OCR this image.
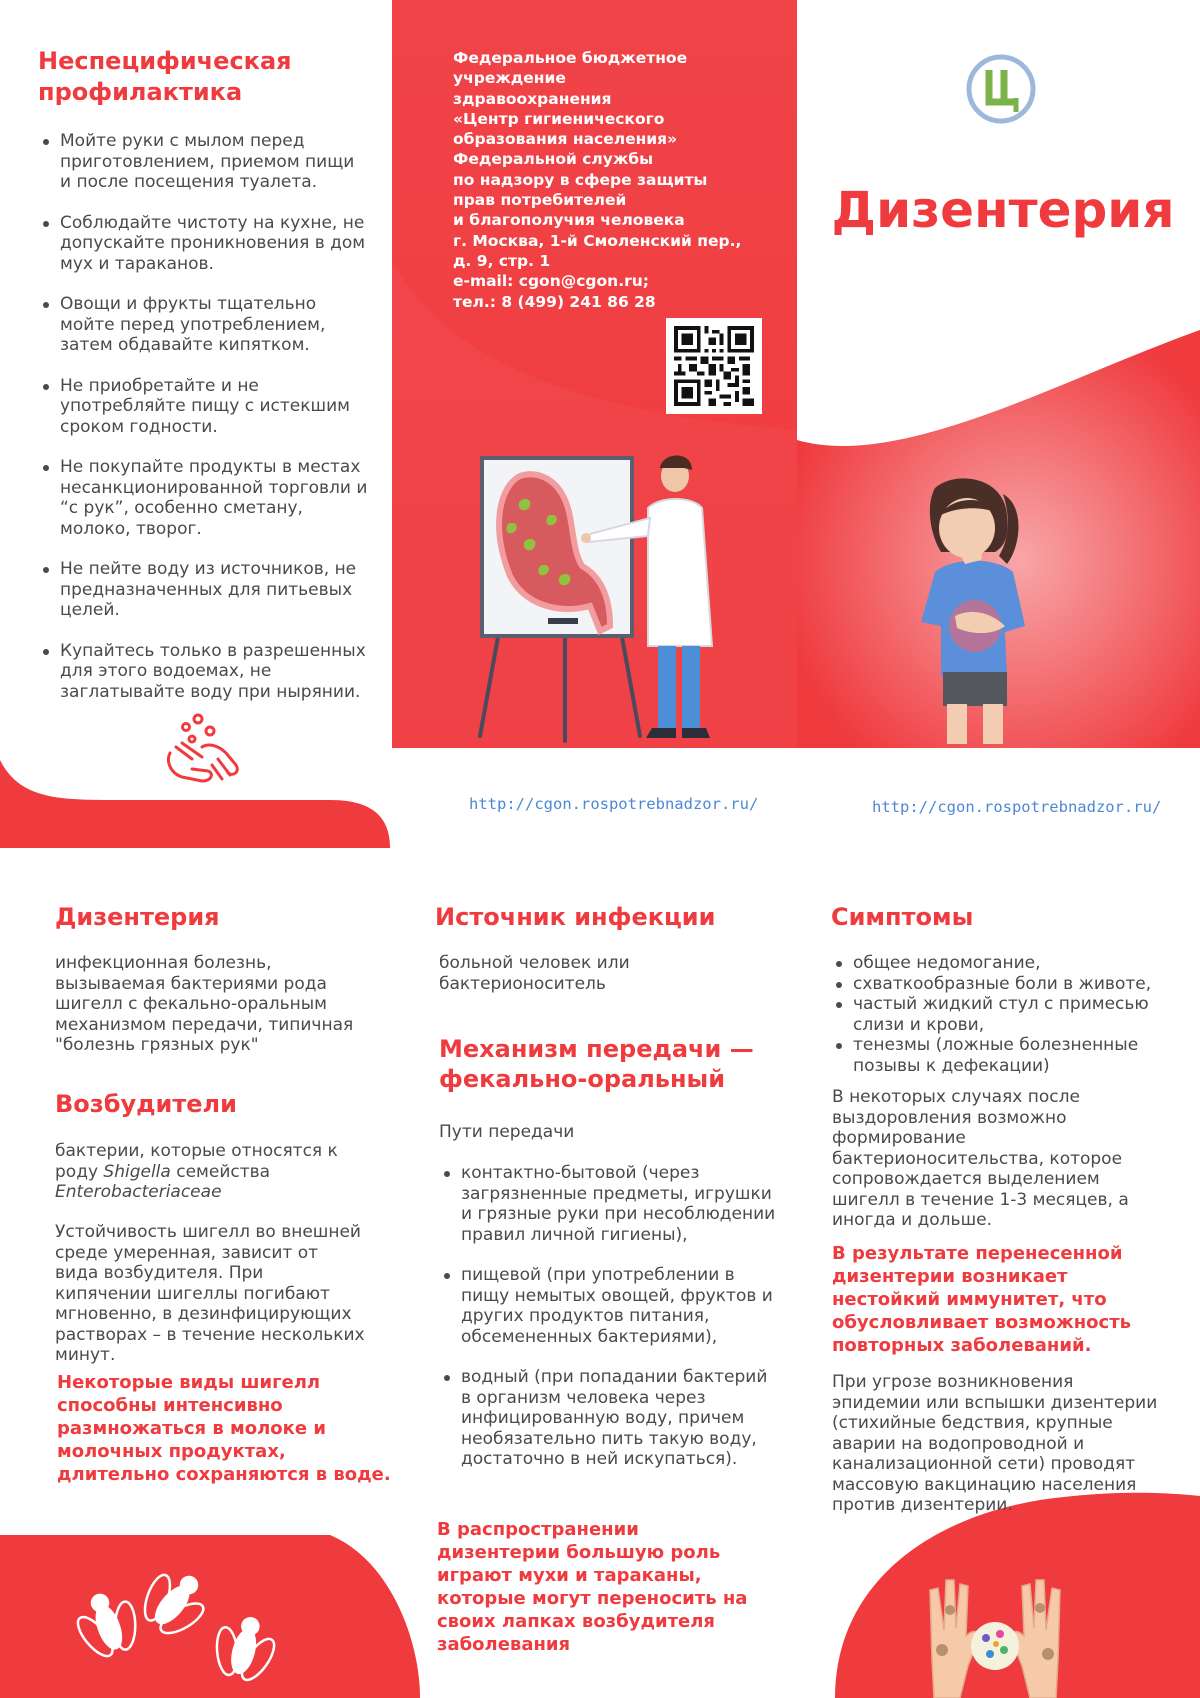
Неспецифическая профилактика
Мойте руки с мылом перед приготовлением, приемом пищи и после посещения туалета.
Соблюдайте чистоту на кухне, не допускайте проникновения в дом мух и тараканов.
Овощи и фрукты тщательно мойте перед употреблением, затем обдавайте кипятком.
Не приобретайте и не употребляйте пищу с истекшим сроком годности.
Не покупайте продукты в местах несанкционированной торговли и “с рук”, особенно сметану, молоко, творог.
Не пейте воду из источников, не предназначенных для питьевых целей.
Купайтесь только в разрешенных для этого водоемах, не заглатывайте воду при нырянии.
Федеральное бюджетное
учреждение
здравоохранения
«Центр гигиенического
образования населения»
Федеральной службы
по надзору в сфере защиты
прав потребителей
и благополучия человека
г. Москва, 1-й Смоленский пер.,
д. 9, стр. 1
e-mail: cgon@cgon.ru;
тел.: 8 (499) 241 86 28
Дизентерия
http://cgon.rospotrebnadzor.ru/	http://cgon.rospotrebnadzor.ru/
Дизентерия
инфекционная болезнь, вызываемая бактериями рода шигелл с фекально-оральным механизмом передачи, типичная "болезнь грязных рук"
Возбудители
бактерии, которые относятся к роду Shigella семейства Enterobacteriaceae
Устойчивость шигелл во внешней среде умеренная, зависит от вида возбудителя. При кипячении шигеллы погибают мгновенно, в дезинфицирующих растворах – в течение нескольких минут.
Некоторые виды шигелл способны интенсивно размножаться в молоке и молочных продуктах, длительно сохраняются в воде.
Источник инфекции
больной человек или бактерионоситель
Механизм передачи — фекально-оральный
Пути передачи
контактно-бытовой (через загрязненные предметы, игрушки и грязные руки при несоблюдении правил личной гигиены),
пищевой (при употреблении в пищу немытых овощей, фруктов и других продуктов питания, обсемененных бактериями),
водный (при попадании бактерий в организм человека через инфицированную воду, причем необязательно пить такую воду, достаточно в ней искупаться).
В распространении дизентерии большую роль играют мухи и тараканы, которые могут переносить на своих лапках возбудителя заболевания
Симптомы
общее недомогание,
схваткообразные боли в животе,
частый жидкий стул с примесью слизи и крови,
тенезмы (ложные болезненные позывы к дефекации)
В некоторых случаях после выздоровления возможно формирование бактерионосительства, которое сопровождается выделением шигелл в течение 1-3 месяцев, а иногда и дольше.
В результате перенесенной дизентерии возникает нестойкий иммунитет, что обусловливает возможность повторных заболеваний.
При угрозе возникновения эпидемии или вспышки дизентерии (стихийные бедствия, крупные аварии на водопроводной и канализационной сети) проводят массовую вакцинацию населения против дизентерии.
